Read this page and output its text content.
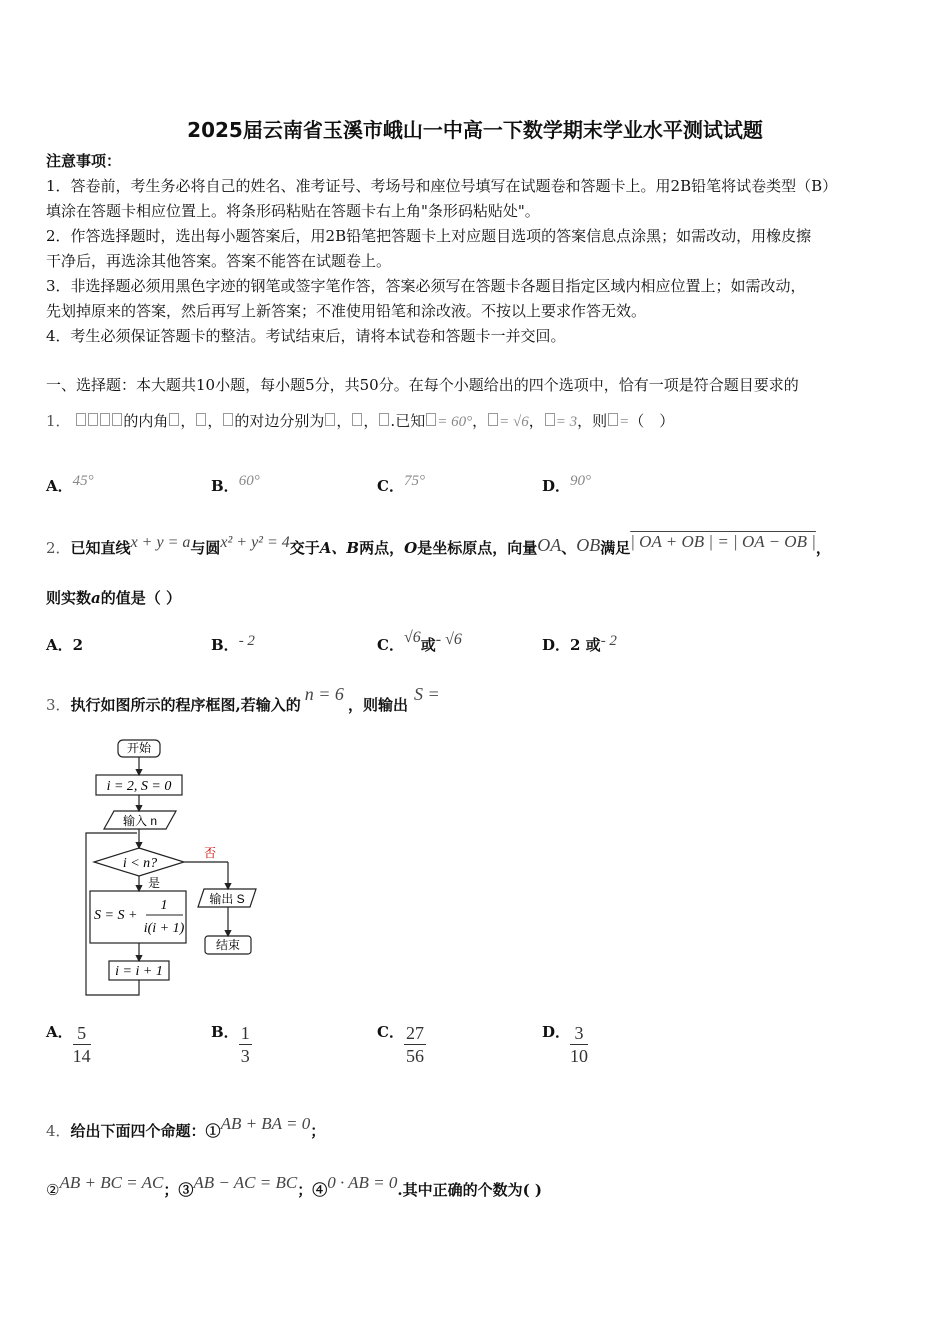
2025届云南省玉溪市峨山一中高一下数学期末学业水平测试试题
注意事项：
1．答卷前，考生务必将自己的姓名、准考证号、考场号和座位号填写在试题卷和答题卡上。用2B铅笔将试卷类型（B）
填涂在答题卡相应位置上。将条形码粘贴在答题卡右上角"条形码粘贴处"。
2．作答选择题时，选出每小题答案后，用2B铅笔把答题卡上对应题目选项的答案信息点涂黑；如需改动，用橡皮擦
干净后，再选涂其他答案。答案不能答在试题卷上。
3．非选择题必须用黑色字迹的钢笔或签字笔作答，答案必须写在答题卡各题目指定区域内相应位置上；如需改动，
先划掉原来的答案，然后再写上新答案；不准使用铅笔和涂改液。不按以上要求作答无效。
4．考生必须保证答题卡的整洁。考试结束后，请将本试卷和答题卡一并交回。
一、选择题：本大题共10小题，每小题5分，共50分。在每个小题给出的四个选项中，恰有一项是符合题目要求的
1．	的内角 ， ， 的对边分别为 ， ， .已知 = 60°， = √6， = 3，则 =（　）
A．45°	B．60°	C．75°	D．90°
2．已知直线x + y = a与圆x² + y² = 4交于A、B两点，O是坐标原点，向量OA、OB满足| OA + OB | = | OA − OB |，
则实数a的值是（ ）
A．2	B．- 2	C．√6或- √6	D．2 或- 2
3．执行如图所示的程序框图,若输入的n = 6，则输出S =
开始
i = 2, S = 0
输入 n
i < n?
否
是
S = S +
1
i(i + 1)
i = i + 1
输出 S
结束
A． $\frac{5}{14}$	B． $\frac{1}{3}$	C． $\frac{27}{56}$	D． $\frac{3}{10}$
4．给出下面四个命题：①AB + BA = 0；
②AB + BC = AC；③AB − AC = BC；④0 · AB = 0.其中正确的个数为( )
